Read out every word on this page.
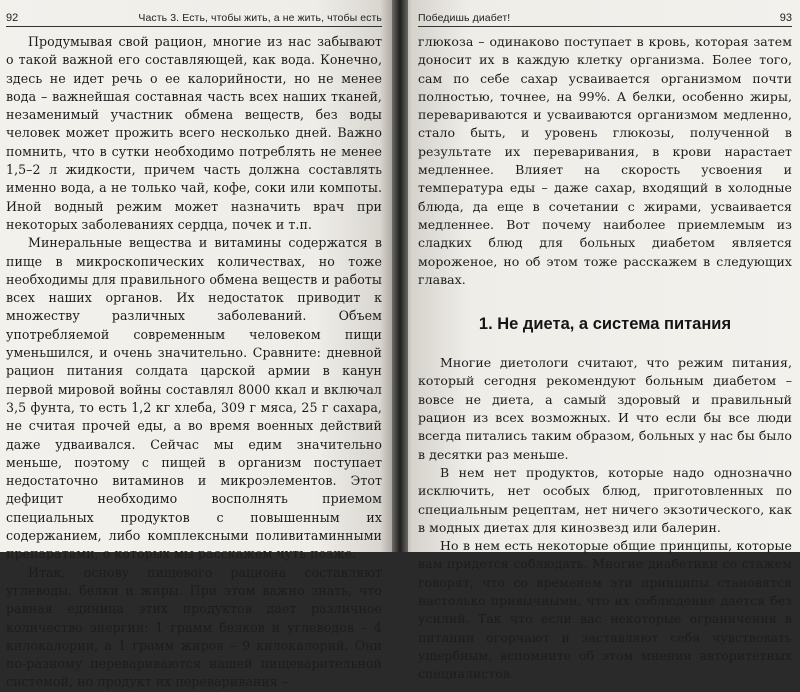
92	Часть 3. Есть, чтобы жить, а не жить, чтобы есть

Продумывая свой рацион, многие из нас забывают о такой важной его составляющей, как вода. Конечно, здесь не идет речь о ее калорийности, но не менее вода – важнейшая составная часть всех наших тканей, незаменимый участник обмена веществ, без воды человек может прожить всего несколько дней. Важно помнить, что в сутки необходимо потреблять не менее 1,5–2 л жидкости, причем часть должна составлять именно вода, а не только чай, кофе, соки или компоты. Иной водный режим может назначить врач при некоторых заболеваниях сердца, почек и т.п.

Минеральные вещества и витамины содержатся в пище в микроскопических количествах, но тоже необходимы для правильного обмена веществ и работы всех наших органов. Их недостаток приводит к множеству различных заболеваний. Объем употребляемой современным человеком пищи уменьшился, и очень значительно. Сравните: дневной рацион питания солдата царской армии в канун первой мировой войны составлял 8000 ккал и включал 3,5 фунта, то есть 1,2 кг хлеба, 309 г мяса, 25 г сахара, не считая прочей еды, а во время военных действий даже удваивался. Сейчас мы едим значительно меньше, поэтому с пищей в организм поступает недостаточно витаминов и микроэлементов. Этот дефицит необходимо восполнять приемом специальных продуктов с повышенным их содержанием, либо комплексными поливитаминными препаратами, о которых мы расскажем чуть позже.

Итак, основу пищевого рациона составляют углеводы, белки и жиры. При этом важно знать, что равная единица этих продуктов дает различное количество энергии: 1 грамм белков и углеводов – 4 килокалории, а 1 грамм жиров – 9 килокалорий. Они по-разному перевариваются нашей пищеварительной системой, но продукт их переваривания –

Победишь диабет!	93

глюкоза – одинаково поступает в кровь, которая затем доносит их в каждую клетку организма. Более того, сам по себе сахар усваивается организмом почти полностью, точнее, на 99%. А белки, особенно жиры, перевариваются и усваиваются организмом медленно, стало быть, и уровень глюкозы, полученной в результате их переваривания, в крови нарастает медленнее. Влияет на скорость усвоения и температура еды – даже сахар, входящий в холодные блюда, да еще в сочетании с жирами, усваивается медленнее. Вот почему наиболее приемлемым из сладких блюд для больных диабетом является мороженое, но об этом тоже расскажем в следующих главах.

1. Не диета, а система питания

Многие диетологи считают, что режим питания, который сегодня рекомендуют больным диабетом – вовсе не диета, а самый здоровый и правильный рацион из всех возможных. И что если бы все люди всегда питались таким образом, больных у нас бы было в десятки раз меньше.

В нем нет продуктов, которые надо однозначно исключить, нет особых блюд, приготовленных по специальным рецептам, нет ничего экзотического, как в модных диетах для кинозвезд или балерин.

Но в нем есть некоторые общие принципы, которые вам придется соблюдать. Многие диабетики со стажем говорят, что со временем эти принципы становятся настолько привычными, что их соблюдение дается без усилий. Так что если вас некоторые ограничения в питании огорчают и заставляют себя чувствовать ущербным, вспомните об этом мнении авторитетных специалистов.
